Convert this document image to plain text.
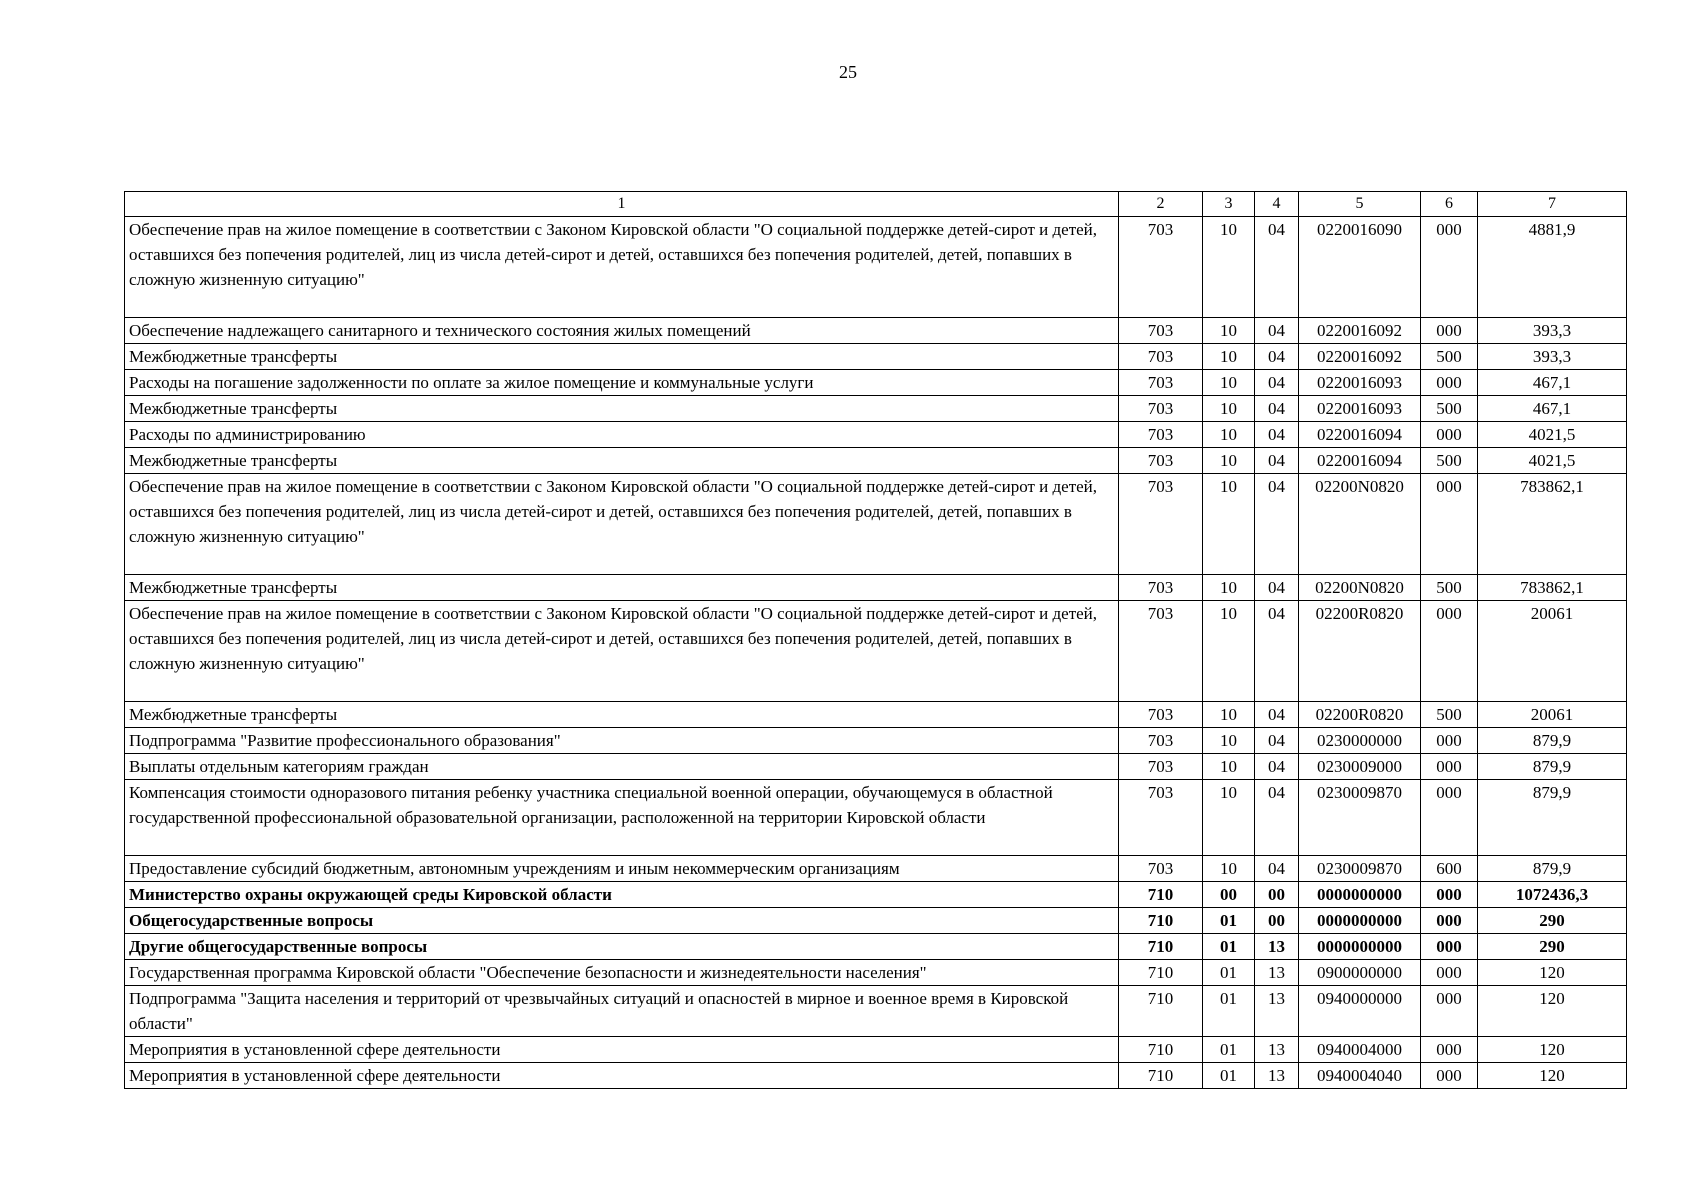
25
1	2	3	4	5	6	7
Обеспечение прав на жилое помещение в соответствии с Законом Кировской области "О социальной поддержке детей-сирот и детей, оставшихся без попечения родителей, лиц из числа детей-сирот и детей, оставшихся без попечения родителей, детей, попавших в сложную жизненную ситуацию"	703	10	04	0220016090	000	4881,9
Обеспечение надлежащего санитарного и технического состояния жилых помещений	703	10	04	0220016092	000	393,3
Межбюджетные трансферты	703	10	04	0220016092	500	393,3
Расходы на погашение задолженности по оплате за жилое помещение и коммунальные услуги	703	10	04	0220016093	000	467,1
Межбюджетные трансферты	703	10	04	0220016093	500	467,1
Расходы по администрированию	703	10	04	0220016094	000	4021,5
Межбюджетные трансферты	703	10	04	0220016094	500	4021,5
Обеспечение прав на жилое помещение в соответствии с Законом Кировской области "О социальной поддержке детей-сирот и детей, оставшихся без попечения родителей, лиц из числа детей-сирот и детей, оставшихся без попечения родителей, детей, попавших в сложную жизненную ситуацию"	703	10	04	02200N0820	000	783862,1
Межбюджетные трансферты	703	10	04	02200N0820	500	783862,1
Обеспечение прав на жилое помещение в соответствии с Законом Кировской области "О социальной поддержке детей-сирот и детей, оставшихся без попечения родителей, лиц из числа детей-сирот и детей, оставшихся без попечения родителей, детей, попавших в сложную жизненную ситуацию"	703	10	04	02200R0820	000	20061
Межбюджетные трансферты	703	10	04	02200R0820	500	20061
Подпрограмма "Развитие профессионального образования"	703	10	04	0230000000	000	879,9
Выплаты отдельным категориям граждан	703	10	04	0230009000	000	879,9
Компенсация стоимости одноразового питания ребенку участника специальной военной операции, обучающемуся в областной государственной профессиональной образовательной организации, расположенной на территории Кировской области	703	10	04	0230009870	000	879,9
Предоставление субсидий бюджетным, автономным учреждениям и иным некоммерческим организациям	703	10	04	0230009870	600	879,9
Министерство охраны окружающей среды Кировской области	710	00	00	0000000000	000	1072436,3
Общегосударственные вопросы	710	01	00	0000000000	000	290
Другие общегосударственные вопросы	710	01	13	0000000000	000	290
Государственная программа Кировской области "Обеспечение безопасности и жизнедеятельности населения"	710	01	13	0900000000	000	120
Подпрограмма "Защита населения и территорий от чрезвычайных ситуаций и опасностей в мирное и военное время в Кировской области"	710	01	13	0940000000	000	120
Мероприятия в установленной сфере деятельности	710	01	13	0940004000	000	120
Мероприятия в установленной сфере деятельности	710	01	13	0940004040	000	120
